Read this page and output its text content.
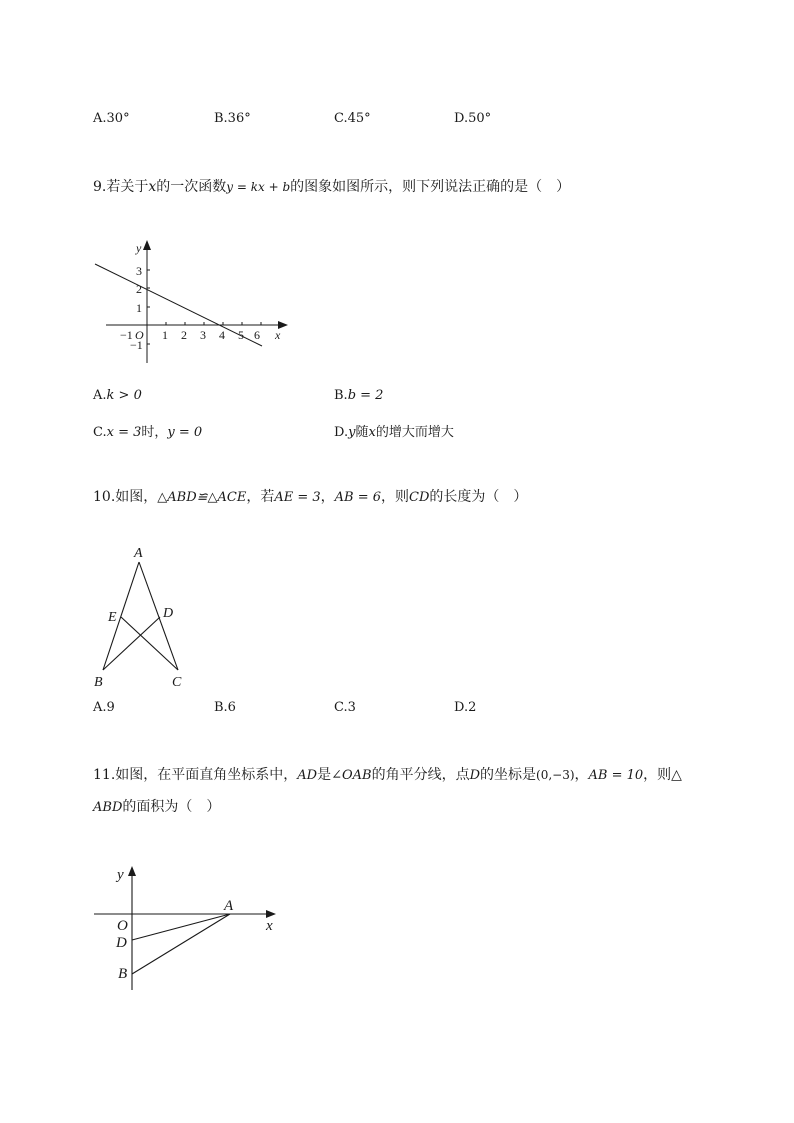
A.30°	B.36°	C.45°	D.50°
9.若关于x的一次函数y = kx + b的图象如图所示，则下列说法正确的是（　）
y
x
3
2
1
−1
−1 O 1 2 3 4 5 6
A.k > 0	B.b = 2
C.x = 3时，y = 0	D.y随x的增大而增大
10.如图，△ABD≌△ACE，若AE = 3，AB = 6，则CD的长度为（　）
A
E	D
B	C
A.9	B.6	C.3	D.2
11.如图，在平面直角坐标系中，AD是∠OAB的角平分线，点D的坐标是(0,−3)，AB = 10，则△
ABD的面积为（　）
y
x
O
D
B
A
